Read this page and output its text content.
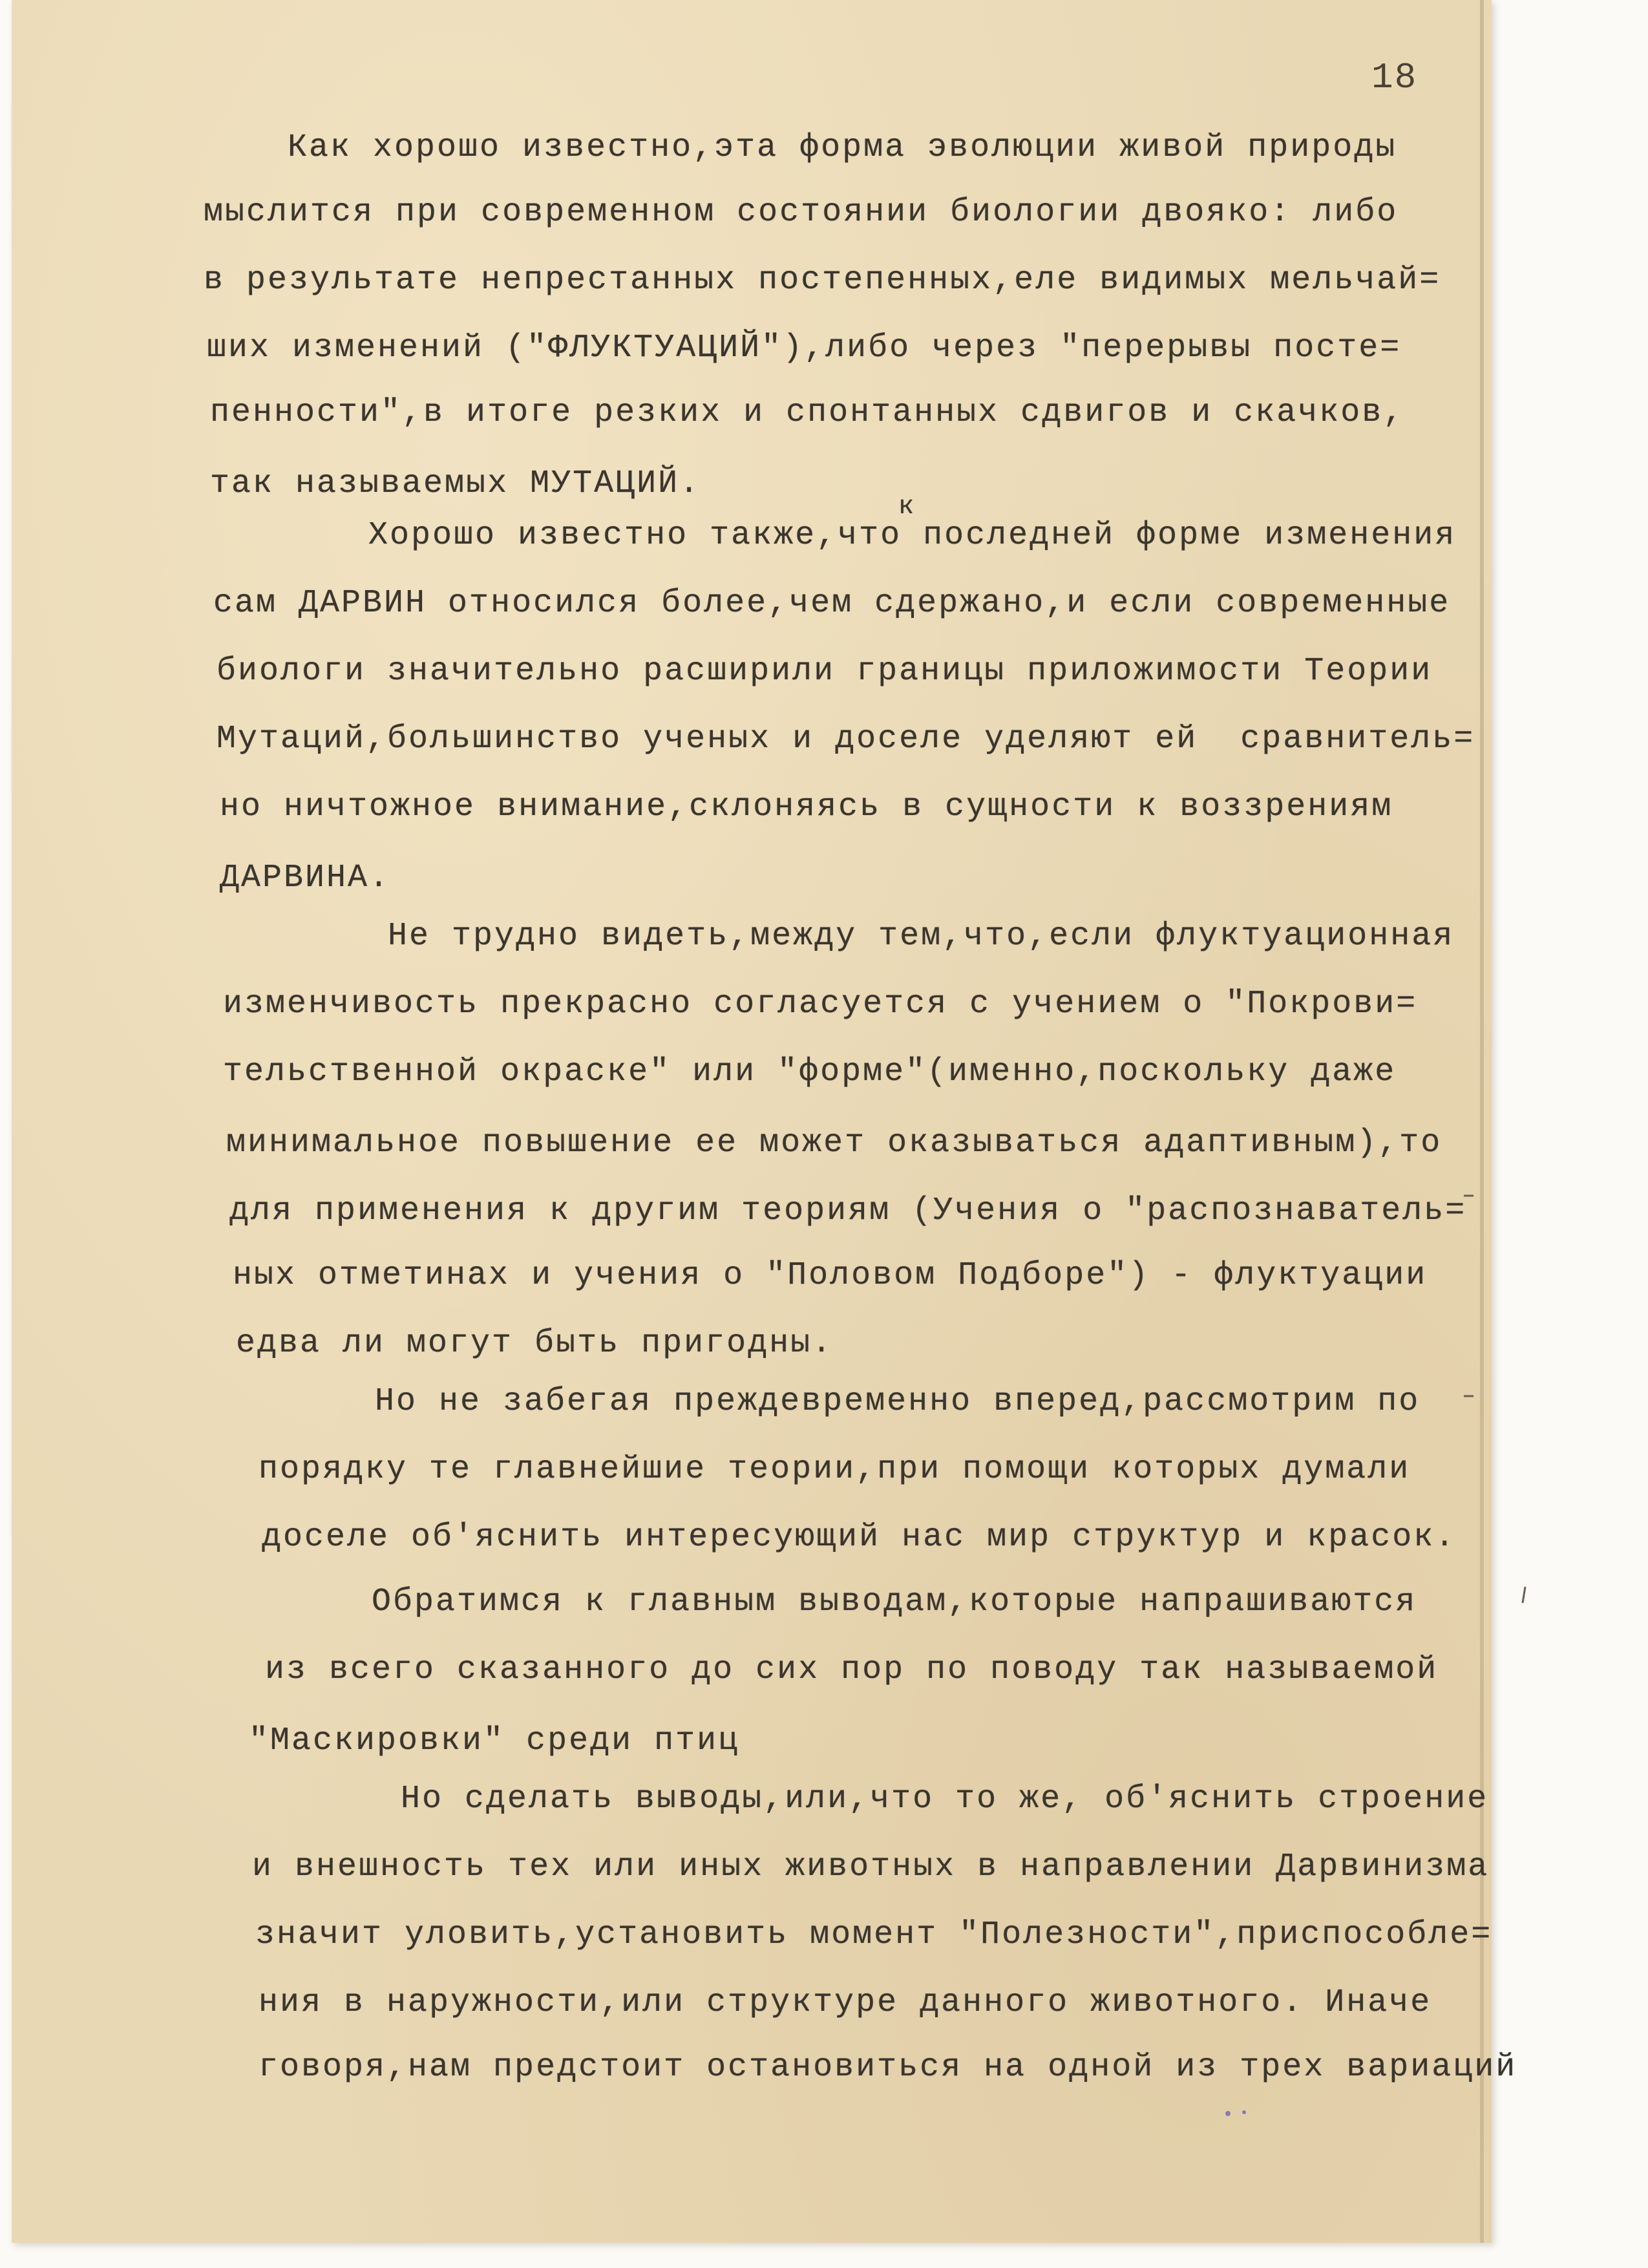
18
Как хорошо известно,эта форма эволюции живой природы
мыслится при современном состоянии биологии двояко: либо
в результате непрестанных постепенных,еле видимых мельчай=
ших изменений ("ФЛУКТУАЦИЙ"),либо через "перерывы посте=
пенности",в итоге резких и спонтанных сдвигов и скачков,
так называемых МУТАЦИЙ.
к
Хорошо известно также,что последней форме изменения
сам ДАРВИН относился более,чем сдержано,и если современные
биологи значительно расширили границы приложимости Теории
Мутаций,большинство ученых и доселе уделяют ей  сравнитель=
но ничтожное внимание,склоняясь в сущности к воззрениям
ДАРВИНА.
Не трудно видеть,между тем,что,если флуктуационная
изменчивость прекрасно согласуется с учением о "Покрови=
тельственной окраске" или "форме"(именно,поскольку даже
минимальное повышение ее может оказываться адаптивным),то
для применения к другим теориям (Учения о "распознаватель=
ных отметинах и учения о "Половом Подборе") - флуктуации
едва ли могут быть пригодны.
Но не забегая преждевременно вперед,рассмотрим по
порядку те главнейшие теории,при помощи которых думали
доселе об'яснить интересующий нас мир структур и красок.
Обратимся к главным выводам,которые напрашиваются
из всего сказанного до сих пор по поводу так называемой
"Маскировки" среди птиц
Но сделать выводы,или,что то же, об'яснить строение
и внешность тех или иных животных в направлении Дарвинизма
значит уловить,установить момент "Полезности",приспособле=
ния в наружности,или структуре данного животного. Иначе
говоря,нам предстоит остановиться на одной из трех вариаций
